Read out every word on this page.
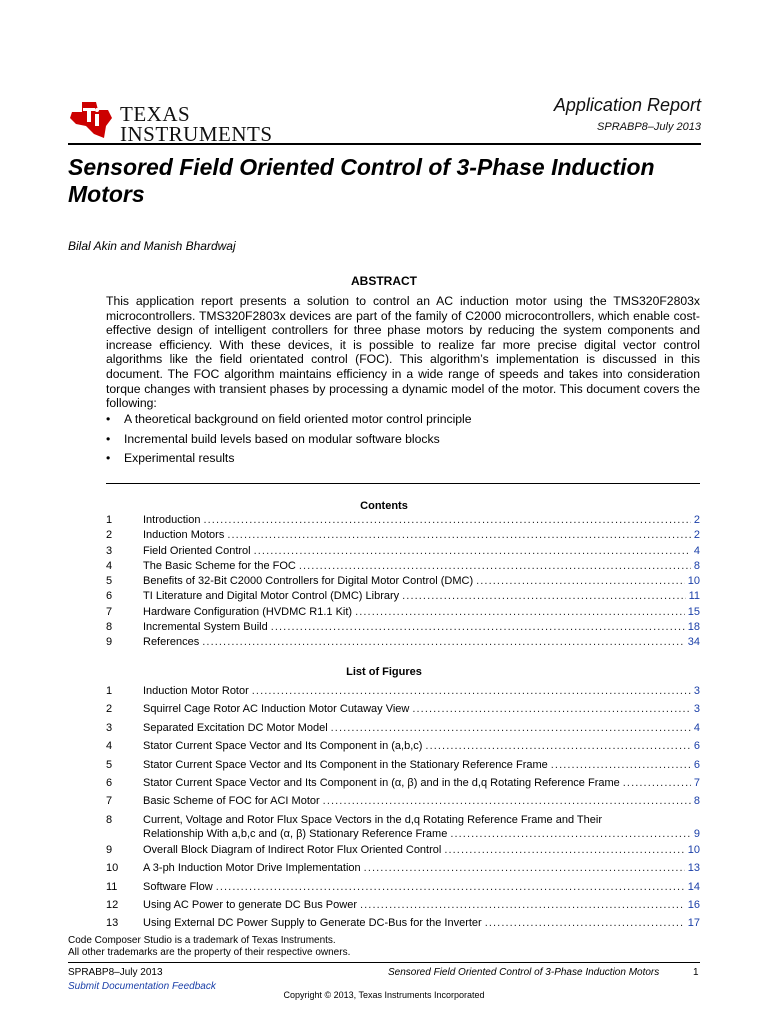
TEXAS
INSTRUMENTS
Application Report
SPRABP8–July 2013
Sensored Field Oriented Control of 3-Phase Induction Motors
Bilal Akin and Manish Bhardwaj
ABSTRACT
This application report presents a solution to control an AC induction motor using the TMS320F2803x microcontrollers. TMS320F2803x devices are part of the family of C2000 microcontrollers, which enable cost-effective design of intelligent controllers for three phase motors by reducing the system components and increase efficiency. With these devices, it is possible to realize far more precise digital vector control algorithms like the field orientated control (FOC). This algorithm’s implementation is discussed in this document. The FOC algorithm maintains efficiency in a wide range of speeds and takes into consideration torque changes with transient phases by processing a dynamic model of the motor. This document covers the following:
• A theoretical background on field oriented motor control principle
• Incremental build levels based on modular software blocks
• Experimental results
Contents
1	Introduction .....	2
2	Induction Motors .....	2
3	Field Oriented Control .....	4
4	The Basic Scheme for the FOC .....	8
5	Benefits of 32-Bit C2000 Controllers for Digital Motor Control (DMC) .....	10
6	TI Literature and Digital Motor Control (DMC) Library .....	11
7	Hardware Configuration (HVDMC R1.1 Kit) .....	15
8	Incremental System Build .....	18
9	References .....	34
List of Figures
1	Induction Motor Rotor .....	3
2	Squirrel Cage Rotor AC Induction Motor Cutaway View .....	3
3	Separated Excitation DC Motor Model .....	4
4	Stator Current Space Vector and Its Component in (a,b,c) .....	6
5	Stator Current Space Vector and Its Component in the Stationary Reference Frame .....	6
6	Stator Current Space Vector and Its Component in (α, β) and in the d,q Rotating Reference Frame .....	7
7	Basic Scheme of FOC for ACI Motor .....	8
8	Current, Voltage and Rotor Flux Space Vectors in the d,q Rotating Reference Frame and Their
Relationship With a,b,c and (α, β) Stationary Reference Frame .....	9
9	Overall Block Diagram of Indirect Rotor Flux Oriented Control .....	10
10 A 3-ph Induction Motor Drive Implementation .....	13
11 Software Flow .....	14
12 Using AC Power to generate DC Bus Power .....	16
13 Using External DC Power Supply to Generate DC-Bus for the Inverter .....	17
Code Composer Studio is a trademark of Texas Instruments.
All other trademarks are the property of their respective owners.
SPRABP8–July 2013
Submit Documentation Feedback
Sensored Field Oriented Control of 3-Phase Induction Motors	1
Copyright © 2013, Texas Instruments Incorporated
